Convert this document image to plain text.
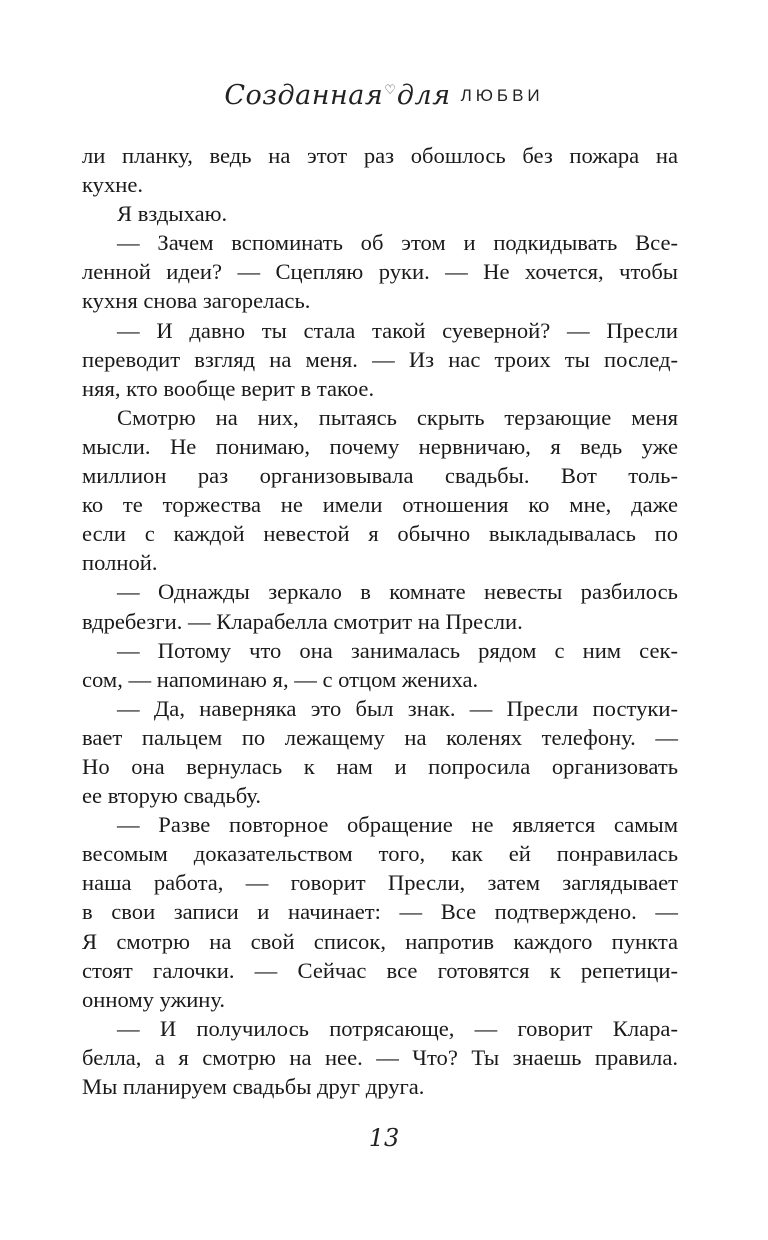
Созданная♡для ЛЮБВИ
ли планку, ведь на этот раз обошлось без пожара на
кухне.
Я вздыхаю.
— Зачем вспоминать об этом и подкидывать Все-
ленной идеи? — Сцепляю руки. — Не хочется, чтобы
кухня снова загорелась.
— И давно ты стала такой суеверной? — Пресли
переводит взгляд на меня. — Из нас троих ты послед-
няя, кто вообще верит в такое.
Смотрю на них, пытаясь скрыть терзающие меня
мысли. Не понимаю, почему нервничаю, я ведь уже
миллион раз организовывала свадьбы. Вот толь-
ко те торжества не имели отношения ко мне, даже
если с каждой невестой я обычно выкладывалась по
полной.
— Однажды зеркало в комнате невесты разбилось
вдребезги. — Кларабелла смотрит на Пресли.
— Потому что она занималась рядом с ним сек-
сом, — напоминаю я, — с отцом жениха.
— Да, наверняка это был знак. — Пресли постуки-
вает пальцем по лежащему на коленях телефону. —
Но она вернулась к нам и попросила организовать
ее вторую свадьбу.
— Разве повторное обращение не является самым
весомым доказательством того, как ей понравилась
наша работа, — говорит Пресли, затем заглядывает
в свои записи и начинает: — Все подтверждено. —
Я смотрю на свой список, напротив каждого пункта
стоят галочки. — Сейчас все готовятся к репетици-
онному ужину.
— И получилось потрясающе, — говорит Клара-
белла, а я смотрю на нее. — Что? Ты знаешь правила.
Мы планируем свадьбы друг друга.
13
